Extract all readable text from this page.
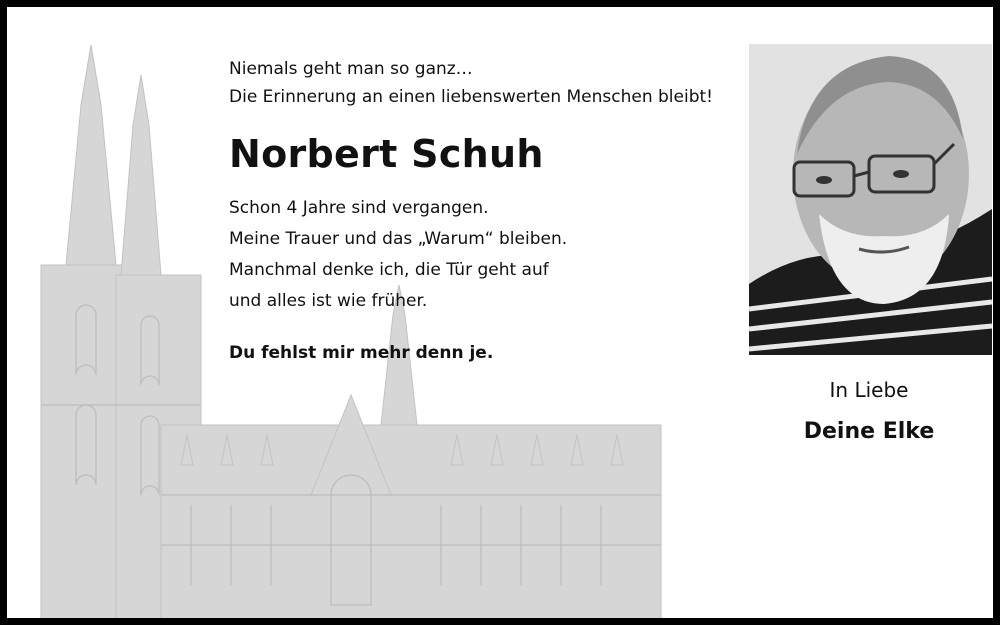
Niemals geht man so ganz…

Die Erinnerung an einen liebenswerten Menschen bleibt!

Norbert Schuh

Schon 4 Jahre sind vergangen.

Meine Trauer und das „Warum“ bleiben.

Manchmal denke ich, die Tür geht auf

und alles ist wie früher.

Du fehlst mir mehr denn je.

In Liebe
Deine Elke
